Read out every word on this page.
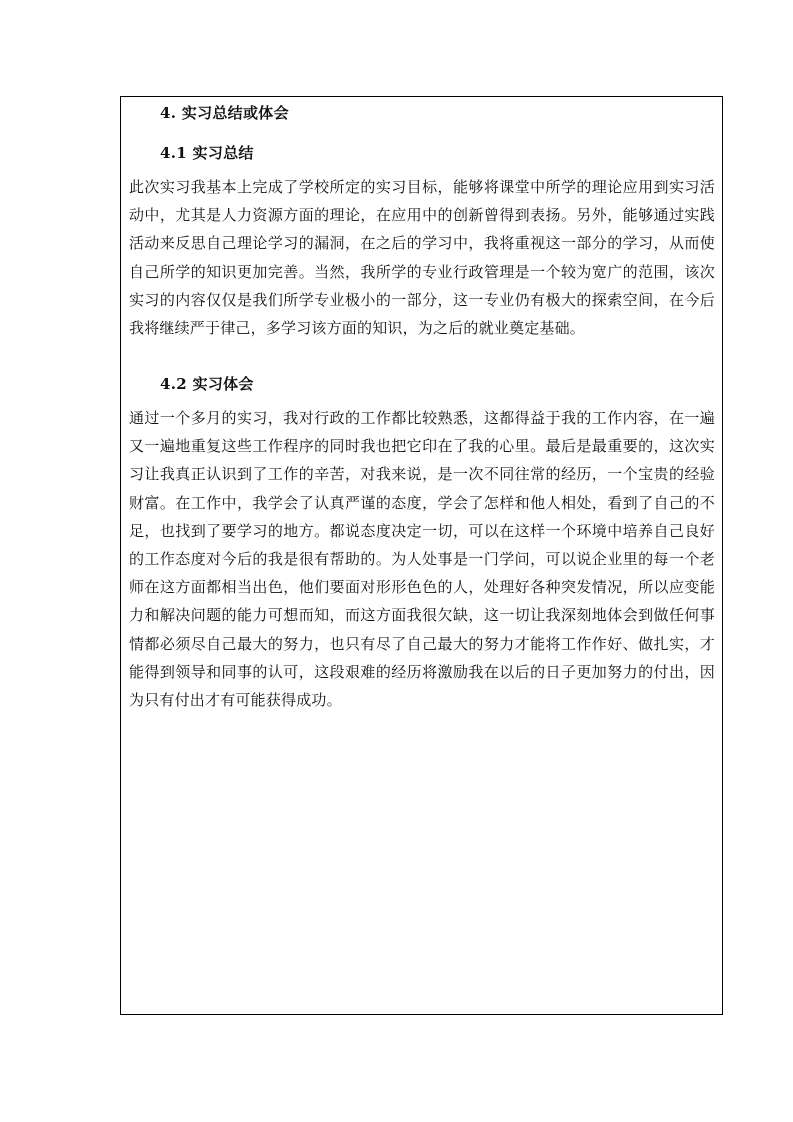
4. 实习总结或体会
4.1 实习总结
此次实习我基本上完成了学校所定的实习目标，能够将课堂中所学的理论应用到实习活动中，尤其是人力资源方面的理论，在应用中的创新曾得到表扬。另外，能够通过实践活动来反思自己理论学习的漏洞，在之后的学习中，我将重视这一部分的学习，从而使自己所学的知识更加完善。当然，我所学的专业行政管理是一个较为宽广的范围，该次实习的内容仅仅是我们所学专业极小的一部分，这一专业仍有极大的探索空间，在今后我将继续严于律己，多学习该方面的知识，为之后的就业奠定基础。
4.2 实习体会
通过一个多月的实习，我对行政的工作都比较熟悉，这都得益于我的工作内容，在一遍又一遍地重复这些工作程序的同时我也把它印在了我的心里。最后是最重要的，这次实习让我真正认识到了工作的辛苦，对我来说，是一次不同往常的经历，一个宝贵的经验财富。在工作中，我学会了认真严谨的态度，学会了怎样和他人相处，看到了自己的不足，也找到了要学习的地方。都说态度决定一切，可以在这样一个环境中培养自己良好的工作态度对今后的我是很有帮助的。为人处事是一门学问，可以说企业里的每一个老师在这方面都相当出色，他们要面对形形色色的人，处理好各种突发情况，所以应变能力和解决问题的能力可想而知，而这方面我很欠缺，这一切让我深刻地体会到做任何事情都必须尽自己最大的努力，也只有尽了自己最大的努力才能将工作作好、做扎实，才能得到领导和同事的认可，这段艰难的经历将激励我在以后的日子更加努力的付出，因为只有付出才有可能获得成功。
